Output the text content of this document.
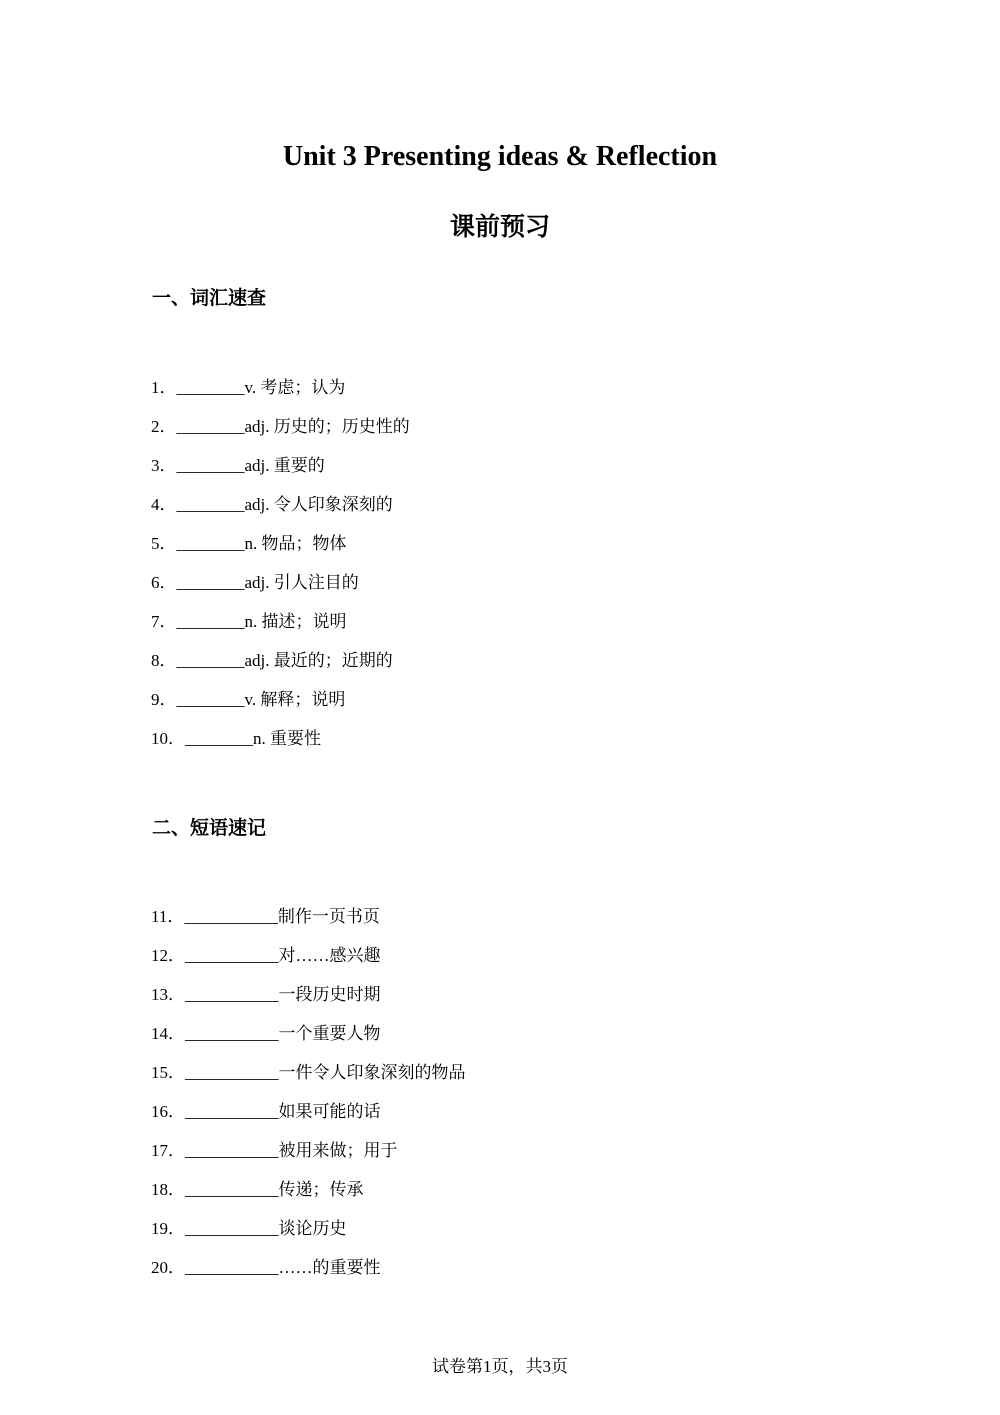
Unit 3 Presenting ideas & Reflection
课前预习
一、词汇速查
1．________v. 考虑；认为
2．________adj. 历史的；历史性的
3．________adj. 重要的
4．________adj. 令人印象深刻的
5．________n. 物品；物体
6．________adj. 引人注目的
7．________n. 描述；说明
8．________adj. 最近的；近期的
9．________v. 解释；说明
10．________n. 重要性
二、短语速记
11．___________制作一页书页
12．___________对……感兴趣
13．___________一段历史时期
14．___________一个重要人物
15．___________一件令人印象深刻的物品
16．___________如果可能的话
17．___________被用来做；用于
18．___________传递；传承
19．___________谈论历史
20．___________……的重要性
试卷第1页，共3页
